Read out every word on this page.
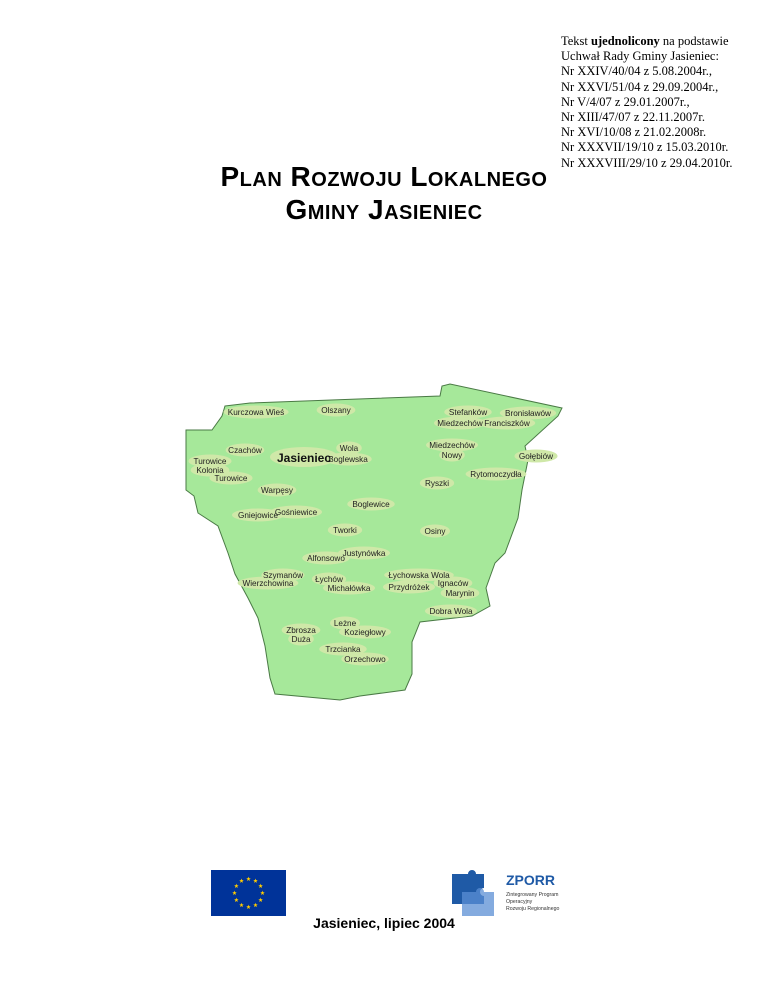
Tekst ujednolicony na podstawie
Uchwał Rady Gminy Jasieniec:
Nr XXIV/40/04 z 5.08.2004r.,
Nr XXVI/51/04 z 29.09.2004r.,
Nr V/4/07 z 29.01.2007r.,
Nr XIII/47/07 z 22.11.2007r.
Nr XVI/10/08 z 21.02.2008r.
Nr XXXVII/19/10 z 15.03.2010r.
Nr XXXVIII/29/10 z 29.04.2010r.
Plan Rozwoju Lokalnego
Gminy Jasieniec
Kurczowa Wieś	Olszany	Stefanków Bronisławów
Franciszków
Miedzechów
Czachów	Wola
Boglewska
Miedzechów
Nowy	Gołębiów
Turowice
Kolonia
Turowice	Rytomoczydła
Ryszki
Warpęsy
Boglewice
Gośniewice
Gniejowice
Tworki	Osiny
Justynówka
Alfonsowo
Szymanów
Wierzchowina	Łychów	Łychowska Wola
Ignaców
Michałówka Przydróżek
Marynin
Dobra Wola
Leżne
Zbrosza
Duża
Koziegłowy
Trzcianka
Orzechowo
Jasieniec
ZPORR
Zintegrowany Program
Operacyjny
Rozwoju Regionalnego
Jasieniec, lipiec 2004
